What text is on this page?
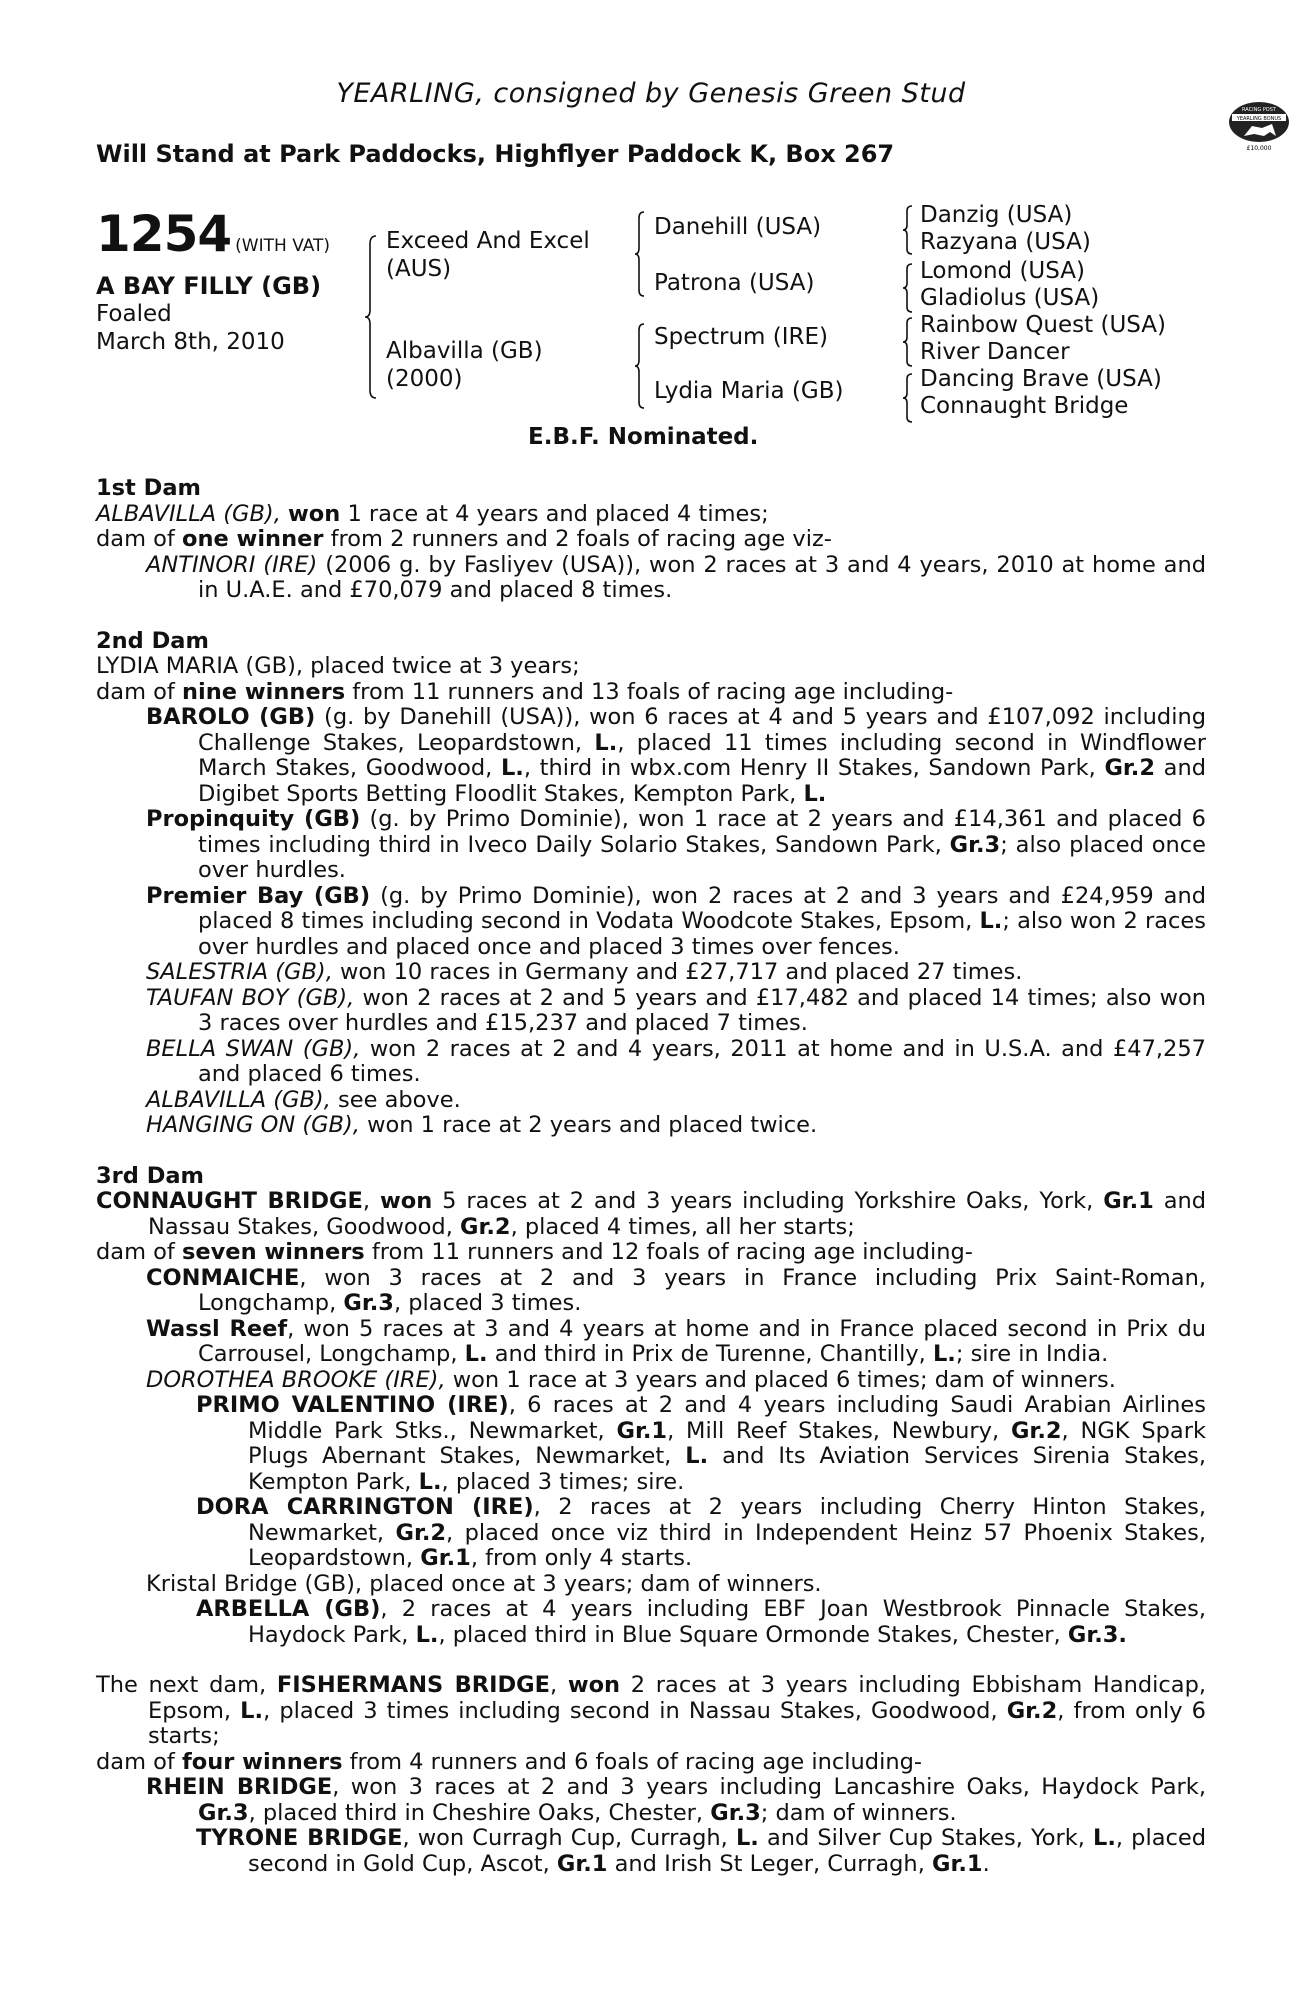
YEARLING, consigned by Genesis Green Stud
Will Stand at Park Paddocks, Highflyer Paddock K, Box 267
RACING POST
YEARLING BONUS
£10,000
1254 (WITH VAT)
A BAY FILLY (GB)
Foaled
March 8th, 2010
Exceed And Excel
(AUS)
Albavilla (GB)
(2000)
Danehill (USA)
Patrona (USA)
Spectrum (IRE)
Lydia Maria (GB)
Danzig (USA)
Razyana (USA)
Lomond (USA)
Gladiolus (USA)
Rainbow Quest (USA)
River Dancer
Dancing Brave (USA)
Connaught Bridge
E.B.F. Nominated.

1st Dam

ALBAVILLA (GB), won 1 race at 4 years and placed 4 times;

dam of one winner from 2 runners and 2 foals of racing age viz-

ANTINORI (IRE) (2006 g. by Fasliyev (USA)), won 2 races at 3 and 4 years, 2010 at home and in U.A.E. and £70,079 and placed 8 times.

2nd Dam

LYDIA MARIA (GB), placed twice at 3 years;

dam of nine winners from 11 runners and 13 foals of racing age including-

BAROLO (GB) (g. by Danehill (USA)), won 6 races at 4 and 5 years and £107,092 including Challenge Stakes, Leopardstown, L., placed 11 times including second in Windflower March Stakes, Goodwood, L., third in wbx.com Henry II Stakes, Sandown Park, Gr.2 and Digibet Sports Betting Floodlit Stakes, Kempton Park, L.

Propinquity (GB) (g. by Primo Dominie), won 1 race at 2 years and £14,361 and placed 6 times including third in Iveco Daily Solario Stakes, Sandown Park, Gr.3; also placed once over hurdles.

Premier Bay (GB) (g. by Primo Dominie), won 2 races at 2 and 3 years and £24,959 and placed 8 times including second in Vodata Woodcote Stakes, Epsom, L.; also won 2 races over hurdles and placed once and placed 3 times over fences.

SALESTRIA (GB), won 10 races in Germany and £27,717 and placed 27 times.

TAUFAN BOY (GB), won 2 races at 2 and 5 years and £17,482 and placed 14 times; also won 3 races over hurdles and £15,237 and placed 7 times.

BELLA SWAN (GB), won 2 races at 2 and 4 years, 2011 at home and in U.S.A. and £47,257 and placed 6 times.

ALBAVILLA (GB), see above.

HANGING ON (GB), won 1 race at 2 years and placed twice.

3rd Dam

CONNAUGHT BRIDGE, won 5 races at 2 and 3 years including Yorkshire Oaks, York, Gr.1 and Nassau Stakes, Goodwood, Gr.2, placed 4 times, all her starts;

dam of seven winners from 11 runners and 12 foals of racing age including-

CONMAICHE, won 3 races at 2 and 3 years in France including Prix Saint-Roman, Longchamp, Gr.3, placed 3 times.

Wassl Reef, won 5 races at 3 and 4 years at home and in France placed second in Prix du Carrousel, Longchamp, L. and third in Prix de Turenne, Chantilly, L.; sire in India.

DOROTHEA BROOKE (IRE), won 1 race at 3 years and placed 6 times; dam of winners.

PRIMO VALENTINO (IRE), 6 races at 2 and 4 years including Saudi Arabian Airlines Middle Park Stks., Newmarket, Gr.1, Mill Reef Stakes, Newbury, Gr.2, NGK Spark Plugs Abernant Stakes, Newmarket, L. and Its Aviation Services Sirenia Stakes, Kempton Park, L., placed 3 times; sire.

DORA CARRINGTON (IRE), 2 races at 2 years including Cherry Hinton Stakes, Newmarket, Gr.2, placed once viz third in Independent Heinz 57 Phoenix Stakes, Leopardstown, Gr.1, from only 4 starts.

Kristal Bridge (GB), placed once at 3 years; dam of winners.

ARBELLA (GB), 2 races at 4 years including EBF Joan Westbrook Pinnacle Stakes, Haydock Park, L., placed third in Blue Square Ormonde Stakes, Chester, Gr.3.

The next dam, FISHERMANS BRIDGE, won 2 races at 3 years including Ebbisham Handicap, Epsom, L., placed 3 times including second in Nassau Stakes, Goodwood, Gr.2, from only 6 starts;

dam of four winners from 4 runners and 6 foals of racing age including-

RHEIN BRIDGE, won 3 races at 2 and 3 years including Lancashire Oaks, Haydock Park, Gr.3, placed third in Cheshire Oaks, Chester, Gr.3; dam of winners.

TYRONE BRIDGE, won Curragh Cup, Curragh, L. and Silver Cup Stakes, York, L., placed second in Gold Cup, Ascot, Gr.1 and Irish St Leger, Curragh, Gr.1.
